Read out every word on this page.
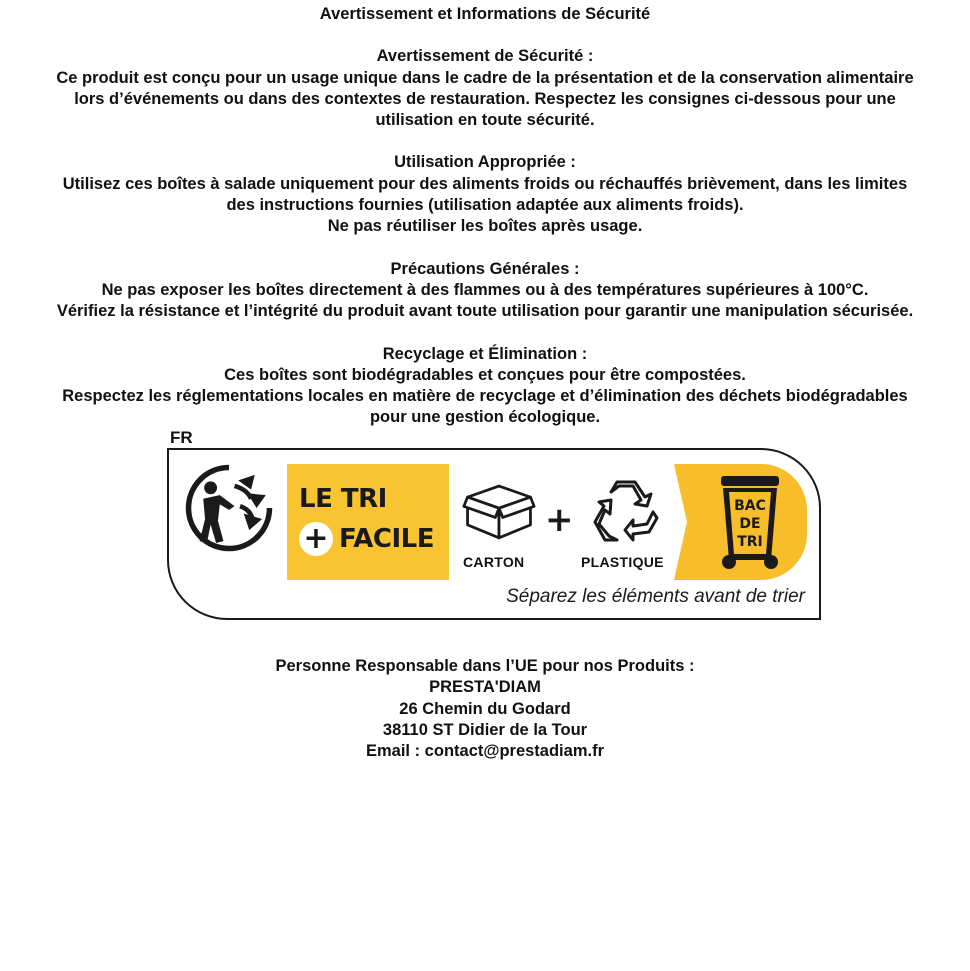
Avertissement et Informations de Sécurité

Avertissement de Sécurité :

Ce produit est conçu pour un usage unique dans le cadre de la présentation et de la conservation alimentaire

lors d’événements ou dans des contextes de restauration. Respectez les consignes ci-dessous pour une

utilisation en toute sécurité.

Utilisation Appropriée :

Utilisez ces boîtes à salade uniquement pour des aliments froids ou réchauffés brièvement, dans les limites

des instructions fournies (utilisation adaptée aux aliments froids).

Ne pas réutiliser les boîtes après usage.

Précautions Générales :

Ne pas exposer les boîtes directement à des flammes ou à des températures supérieures à 100°C.

Vérifiez la résistance et l’intégrité du produit avant toute utilisation pour garantir une manipulation sécurisée.

Recyclage et Élimination :

Ces boîtes sont biodégradables et conçues pour être compostées.

Respectez les réglementations locales en matière de recyclage et d’élimination des déchets biodégradables

pour une gestion écologique.

FR
LE TRI
+ FACILE	+
CARTON	PLASTIQUE
BAC
DE
TRI
Séparez les éléments avant de trier

Personne Responsable dans l’UE pour nos Produits :

PRESTA'DIAM

26 Chemin du Godard

38110 ST Didier de la Tour

Email : contact@prestadiam.fr
